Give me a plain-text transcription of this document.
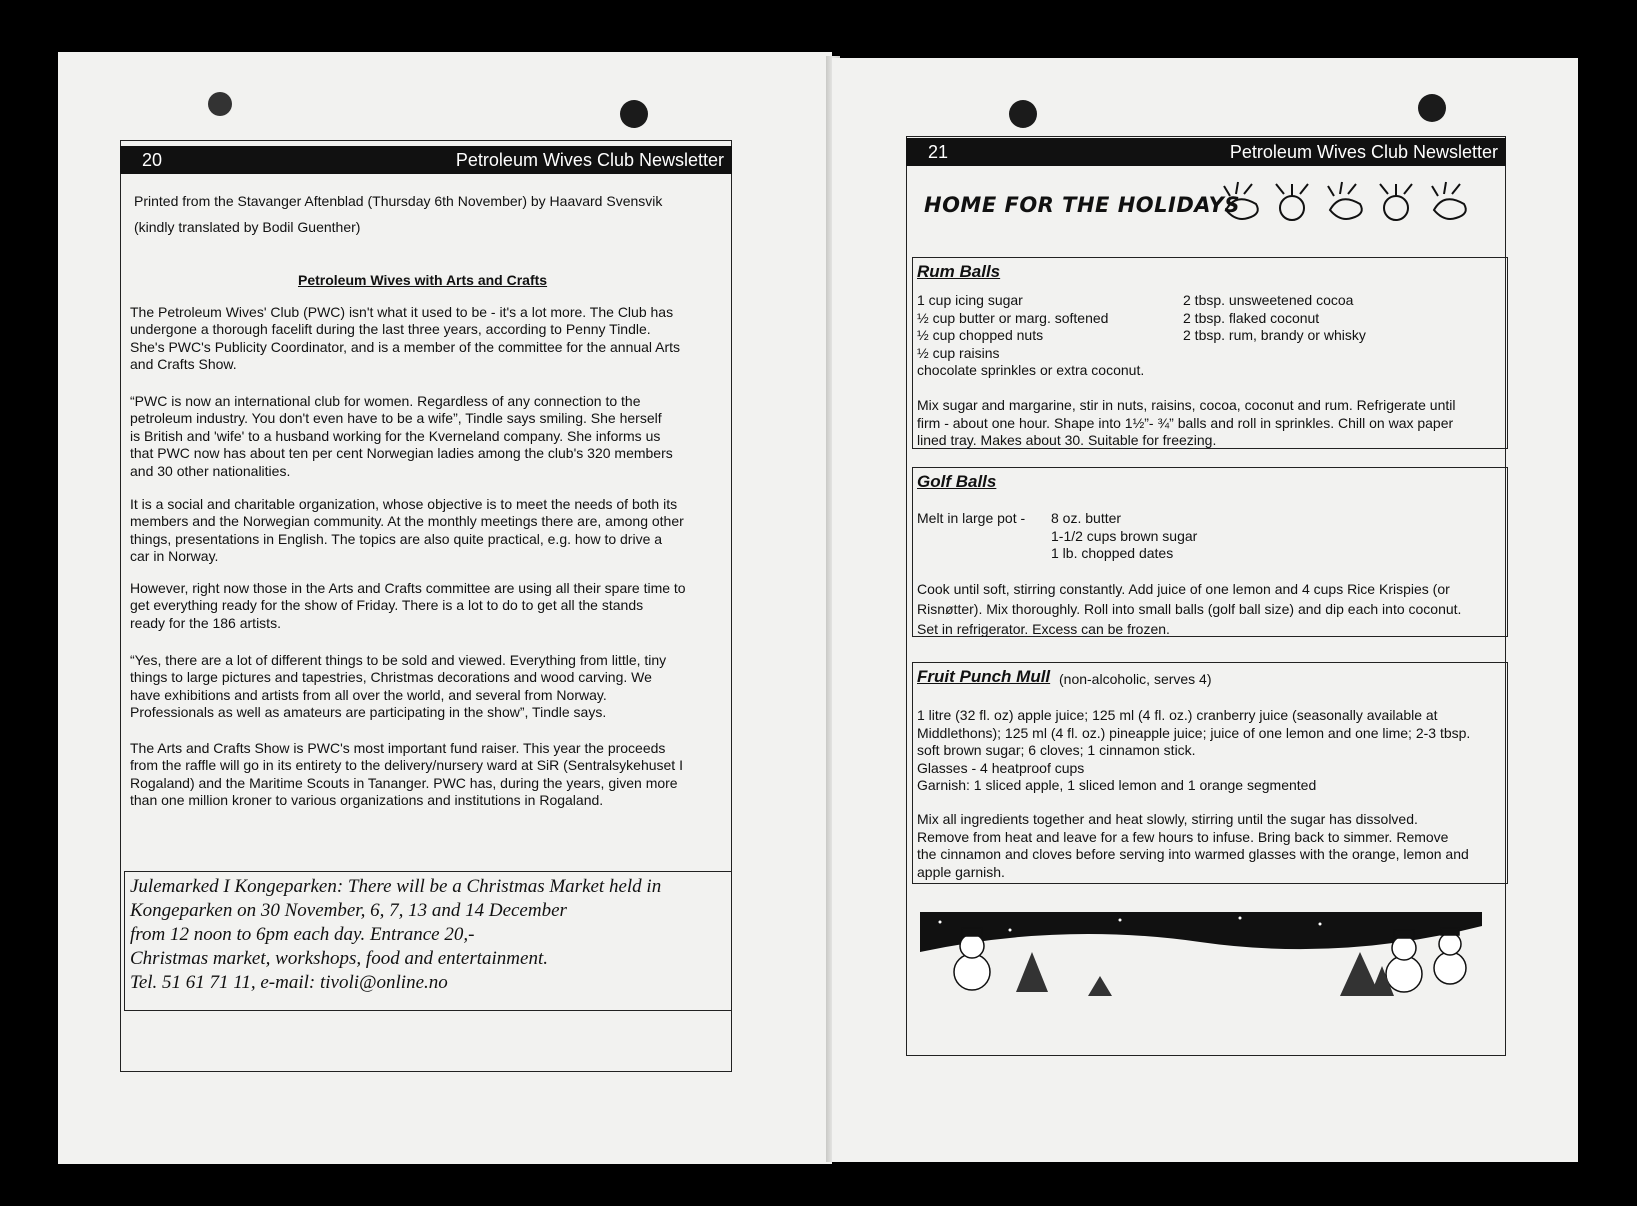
20	Petroleum Wives Club Newsletter
Printed from the Stavanger Aftenblad (Thursday 6th November) by Haavard Svensvik
(kindly translated by Bodil Guenther)
Petroleum Wives with Arts and Crafts
The Petroleum Wives' Club (PWC) isn't what it used to be - it's a lot more. The Club has
undergone a thorough facelift during the last three years, according to Penny Tindle.
She's PWC's Publicity Coordinator, and is a member of the committee for the annual Arts
and Crafts Show.
“PWC is now an international club for women. Regardless of any connection to the
petroleum industry. You don't even have to be a wife”, Tindle says smiling. She herself
is British and 'wife' to a husband working for the Kverneland company. She informs us
that PWC now has about ten per cent Norwegian ladies among the club's 320 members
and 30 other nationalities.
It is a social and charitable organization, whose objective is to meet the needs of both its
members and the Norwegian community. At the monthly meetings there are, among other
things, presentations in English. The topics are also quite practical, e.g. how to drive a
car in Norway.
However, right now those in the Arts and Crafts committee are using all their spare time to
get everything ready for the show of Friday. There is a lot to do to get all the stands
ready for the 186 artists.
“Yes, there are a lot of different things to be sold and viewed. Everything from little, tiny
things to large pictures and tapestries, Christmas decorations and wood carving. We
have exhibitions and artists from all over the world, and several from Norway.
Professionals as well as amateurs are participating in the show”, Tindle says.
The Arts and Crafts Show is PWC's most important fund raiser. This year the proceeds
from the raffle will go in its entirety to the delivery/nursery ward at SiR (Sentralsykehuset I
Rogaland) and the Maritime Scouts in Tananger. PWC has, during the years, given more
than one million kroner to various organizations and institutions in Rogaland.
Julemarked I Kongeparken: There will be a Christmas Market held in
Kongeparken on 30 November, 6, 7, 13 and 14 December
from 12 noon to 6pm each day. Entrance 20,-
Christmas market, workshops, food and entertainment.
Tel. 51 61 71 11, e-mail: tivoli@online.no
21	Petroleum Wives Club Newsletter
HOME FOR THE HOLIDAYS
Rum Balls
1 cup icing sugar
½ cup butter or marg. softened
½ cup chopped nuts
½ cup raisins
chocolate sprinkles or extra coconut.
2 tbsp. unsweetened cocoa
2 tbsp. flaked coconut
2 tbsp. rum, brandy or whisky
Mix sugar and margarine, stir in nuts, raisins, cocoa, coconut and rum. Refrigerate until
firm - about one hour. Shape into 1½”- ¾” balls and roll in sprinkles. Chill on wax paper
lined tray. Makes about 30. Suitable for freezing.
Golf Balls
Melt in large pot - 8 oz. butter
1-1/2 cups brown sugar
1 lb. chopped dates
Cook until soft, stirring constantly. Add juice of one lemon and 4 cups Rice Krispies (or
Risnøtter). Mix thoroughly. Roll into small balls (golf ball size) and dip each into coconut.
Set in refrigerator. Excess can be frozen.
Fruit Punch Mull (non-alcoholic, serves 4)
1 litre (32 fl. oz) apple juice; 125 ml (4 fl. oz.) cranberry juice (seasonally available at
Middlethons); 125 ml (4 fl. oz.) pineapple juice; juice of one lemon and one lime; 2-3 tbsp.
soft brown sugar; 6 cloves; 1 cinnamon stick.
Glasses - 4 heatproof cups
Garnish: 1 sliced apple, 1 sliced lemon and 1 orange segmented
Mix all ingredients together and heat slowly, stirring until the sugar has dissolved.
Remove from heat and leave for a few hours to infuse. Bring back to simmer. Remove
the cinnamon and cloves before serving into warmed glasses with the orange, lemon and
apple garnish.
